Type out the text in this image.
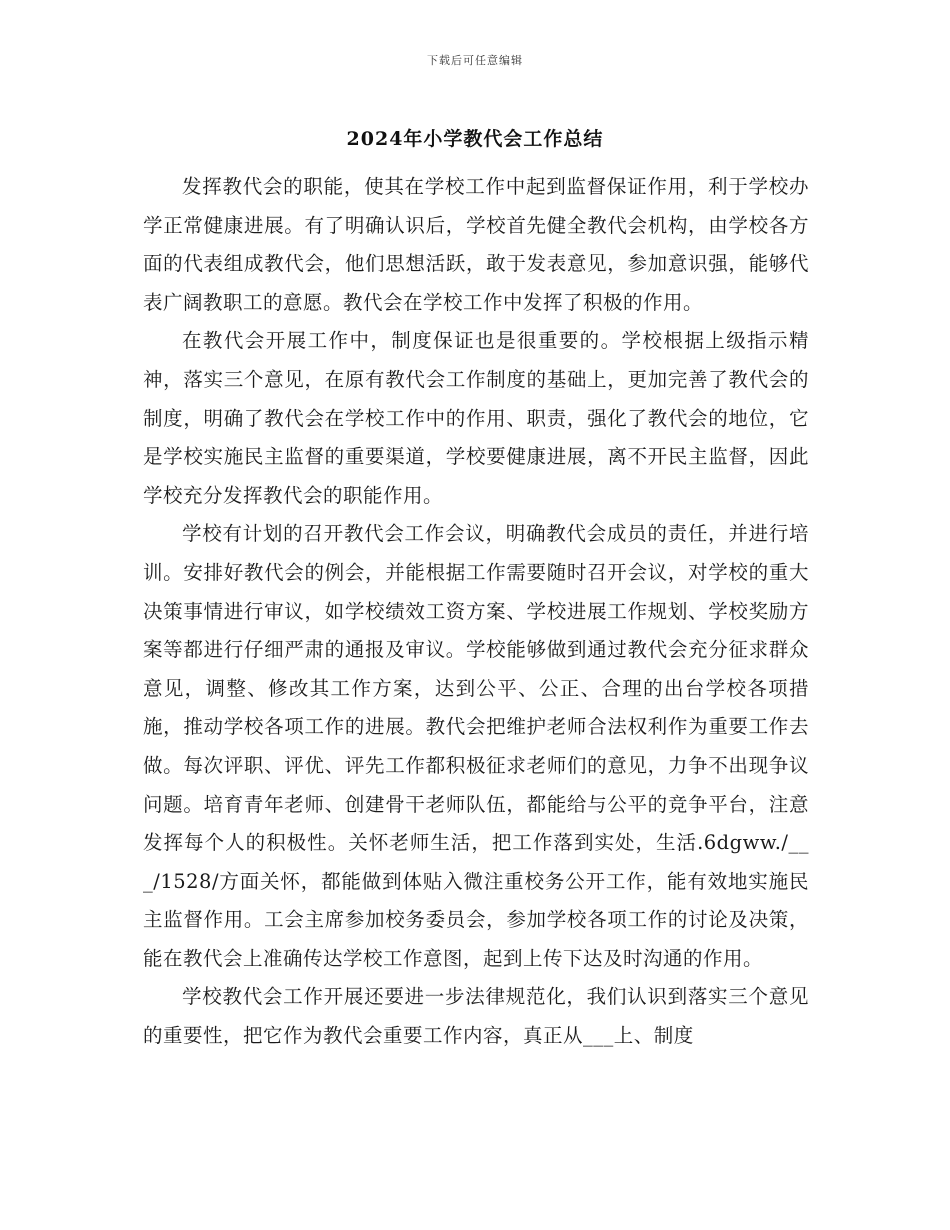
下载后可任意编辑
2024年小学教代会工作总结

发挥教代会的职能，使其在学校工作中起到监督保证作用，利于学校办学正常健康进展。有了明确认识后，学校首先健全教代会机构，由学校各方面的代表组成教代会，他们思想活跃，敢于发表意见，参加意识强，能够代表广阔教职工的意愿。教代会在学校工作中发挥了积极的作用。

在教代会开展工作中，制度保证也是很重要的。学校根据上级指示精神，落实三个意见，在原有教代会工作制度的基础上，更加完善了教代会的制度，明确了教代会在学校工作中的作用、职责，强化了教代会的地位，它是学校实施民主监督的重要渠道，学校要健康进展，离不开民主监督，因此学校充分发挥教代会的职能作用。

学校有计划的召开教代会工作会议，明确教代会成员的责任，并进行培训。安排好教代会的例会，并能根据工作需要随时召开会议，对学校的重大决策事情进行审议，如学校绩效工资方案、学校进展工作规划、学校奖励方案等都进行仔细严肃的通报及审议。学校能够做到通过教代会充分征求群众意见，调整、修改其工作方案，达到公平、公正、合理的出台学校各项措施，推动学校各项工作的进展。教代会把维护老师合法权利作为重要工作去做。每次评职、评优、评先工作都积极征求老师们的意见，力争不出现争议问题。培育青年老师、创建骨干老师队伍，都能给与公平的竞争平台，注意发挥每个人的积极性。关怀老师生活，把工作落到实处，生活.6dgww./___/1528/方面关怀，都能做到体贴入微注重校务公开工作，能有效地实施民主监督作用。工会主席参加校务委员会，参加学校各项工作的讨论及决策，能在教代会上准确传达学校工作意图，起到上传下达及时沟通的作用。

学校教代会工作开展还要进一步法律规范化，我们认识到落实三个意见的重要性，把它作为教代会重要工作内容，真正从___上、制度
